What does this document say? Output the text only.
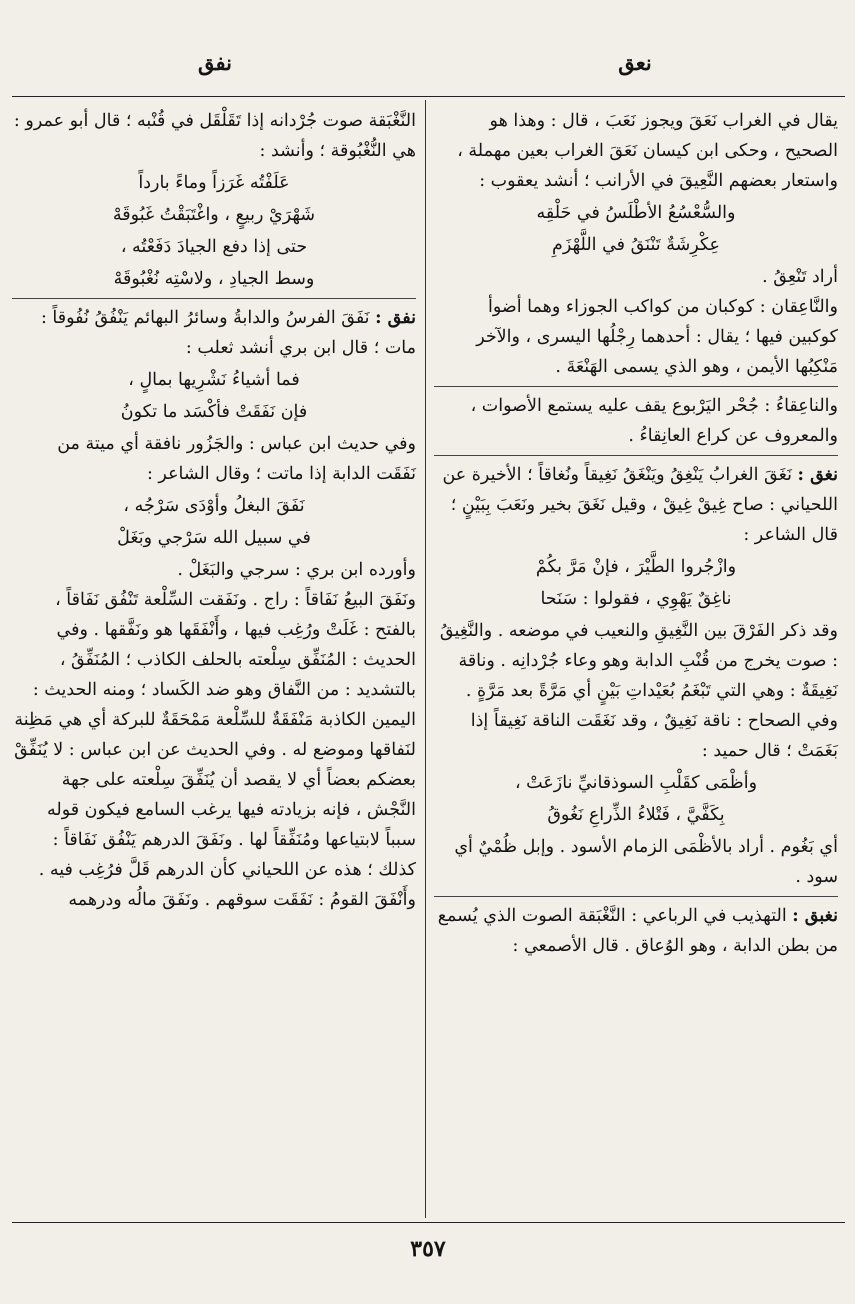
نعق
نفق

يقال في الغراب نَعَقَ ويجوز نَعَبَ ، قال : وهذا هو الصحيح ، وحكى ابن كيسان نَعَقَ الغراب بعين مهملة ، واستعار بعضهم النَّعِيقَ في الأرانب ؛ أنشد يعقوب :

والسُّعْسُعُ الأطْلَسُ في حَلْقِه

عِكْرِشَةٌ تَنْنَقُ في اللَّهْزَمِ

أراد تَنْعِقُ .

والنَّاعِقان : كوكبان من كواكب الجوزاء وهما أضوأ كوكبين فيها ؛ يقال : أحدهما رِجْلُها اليسرى ، والآخر مَنْكِبُها الأيمن ، وهو الذي يسمى الهَنْعَةَ .

والناعِقاءُ : جُحْر اليَرْبوع يقف عليه يستمع الأصوات ، والمعروف عن كراع العانِقاءُ .

نغق : نَغَقَ الغرابُ يَنْغِقُ ويَنْغَقُ نَغِيقاً ونُغاقاً ؛ الأخيرة عن اللحياني : صاح غِيقْ غِيقْ ، وقيل نَغَقَ بخير ونَعَبَ بِبَيْنٍ ؛ قال الشاعر :

وازْجُروا الطَّيْرَ ، فإنْ مَرَّ بكُمْ

ناغِقٌ يَهْوِي ، فقولوا : سَنَحا

وقد ذكر الفَرْقَ بين النَّغِيقِ والنعيب في موضعه . والنَّغِيقُ : صوت يخرج من قُنْبِ الدابة وهو وعاء جُرْدانِه . وناقة نَغِيقَةٌ : وهي التي تَبْغَمُ بُعَيْداتِ بَيْنٍ أي مَرَّةً بعد مَرَّةٍ . وفي الصحاح : ناقة نَغِيقٌ ، وقد نَغَقَت الناقة نَغِيقاً إذا بَغَمَتْ ؛ قال حميد :

وأظْمَى كقَلْبِ السوذقانيِّ نازَعَتْ ،

بِكَفَّيَّ ، فَتْلاءُ الذِّراعِ نَغُوقُ

أي بَغُوم . أراد بالأظْمَى الزمام الأسود . وإبل ظُمْيٌ أي سود .

نغبق : التهذيب في الرباعي : النَّغْبَقة الصوت الذي يُسمع من بطن الدابة ، وهو الوُعاق . قال الأصمعي :

النَّغْبَقة صوت جُرْدانه إذا تَقَلْقَل في قُنْبه ؛ قال أبو عمرو : هي النُّغْبُوقة ؛ وأنشد :

عَلَفْتُه غَرَزاً وماءً بارداً

شَهْرَيْ ربيعٍ ، واغْتَبَقْتُ غَبُوقَهْ

حتى إذا دفع الجيادَ دَفَعْتُه ،

وسط الجيادِ ، ولاسْتِه نُغْبُوقَهْ

نفق : نَفَقَ الفرسُ والدابةُ وسائرُ البهائم يَنْفُقُ نُفُوقاً : مات ؛ قال ابن بري أنشد ثعلب :

فما أشياءُ نَشْرِيها بمالٍ ،

فإن نَفَقَتْ فأكْسَد ما تكونُ

وفي حديث ابن عباس : والجَزُور نافقة أي ميتة من نَفَقَت الدابة إذا ماتت ؛ وقال الشاعر :

نَفَقَ البغلُ وأوْدَى سَرْجُه ،

في سبيل الله سَرْجي وبَغَلْ

وأورده ابن بري : سرجي والبَغَلْ .

ونَفَقَ البيعُ نَفَاقاً : راج . ونَفَقت السِّلْعة تَنْفُق نَفَاقاً ، بالفتح : غَلَتْ ورُغِب فيها ، وأَنْفَقَها هو ونَفَّقها . وفي الحديث : المُنَفِّق سِلْعته بالحلف الكاذب ؛ المُنَفِّقُ ، بالتشديد : من النَّفاق وهو ضد الكَساد ؛ ومنه الحديث : اليمين الكاذبة مَنْفَقَةٌ للسِّلْعة مَمْحَقَةٌ للبركة أي هي مَظِنة لنَفاقها وموضع له . وفي الحديث عن ابن عباس : لا يُنَفِّقْ بعضكم بعضاً أي لا يقصد أن يُنَفِّقَ سِلْعته على جهة النَّجْش ، فإنه بزيادته فيها يرغب السامع فيكون قوله سبباً لابتياعها ومُنَفِّقاً لها . ونَفَقَ الدرهم يَنْفُق نَفَاقاً : كذلك ؛ هذه عن اللحياني كأن الدرهم قَلَّ فرُغِب فيه .

وأَنْفَقَ القومُ : نَفَقَت سوقهم . ونَفَقَ مالُه ودرهمه

٣٥٧
